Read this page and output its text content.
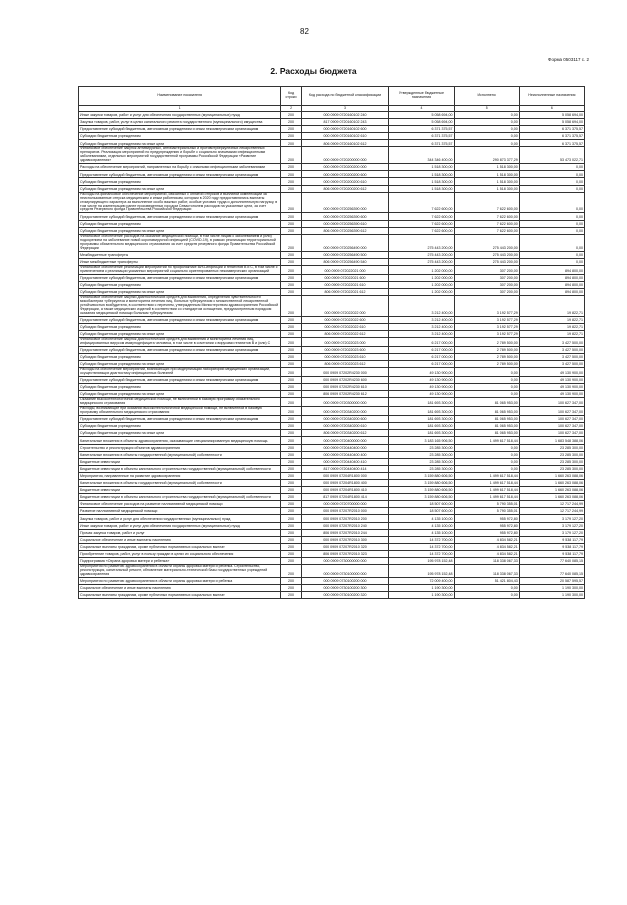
82
Форма 0503117 с. 2
2. Расходы бюджета
Наименование показателя	Код строки	Код расхода по бюджетной классификации	Утвержденные бюджетные назначения	Исполнено	Неисполненные назначения
1	2	3	4	5	6
Иные закупки товаров, работ и услуг для обеспечения государственных (муниципальных) нужд	200	000 0909 0720160102 240	5 058 694,00	0,00	5 058 694,00
Закупка товаров, работ, услуг в целях капитального ремонта государственного (муниципального) имущества	200	817 0909 0720160102 243	5 058 694,00	0,00	5 058 694,00
Предоставление субсидий бюджетным, автономным учреждениям и иным некоммерческим организациям	200	000 0909 0720160102 600	6 371 375,57	0,00	6 371 375,57
Субсидии бюджетным учреждениям	200	000 0909 0720160102 610	6 371 375,57	0,00	6 371 375,57
Субсидии бюджетным учреждениям на иные цели	200	806 0909 0720160102 612	6 371 375,57	0,00	6 371 375,57
Финансовое обеспечение закупок антивирусных, антибактериальных и противотуберкулезных лекарственных препаратов. Реализация мероприятий по предупреждению и борьбе с социально значимыми инфекционными заболеваниями, отдельных мероприятий государственной программы Российской Федерации «Развитие здравоохранения»	200	000 0909 0720200000 000	344 346 400,00	290 873 377,29	53 473 022,71
Расходы на обеспечение мероприятий, направленных на борьбу с опасными инфекционными заболеваниями	200	000 0909 0720200200 000	1 518 300,00	1 518 300,00	0,00
Предоставление субсидий бюджетным, автономным учреждениям и иным некоммерческим организациям	200	000 0909 0720200200 600	1 518 300,00	1 518 300,00	0,00
Субсидии бюджетным учреждениям	200	000 0909 0720200200 610	1 518 300,00	1 518 300,00	0,00
Субсидии бюджетным учреждениям на иные цели	200	806 0909 0720200200 612	1 518 300,00	1 518 300,00	0,00
Расходы на финансовое обеспечение мероприятий, связанных с оплатой отпусков и выплатой компенсации за неиспользованные отпуска медицинским и иным работникам, которым в 2020 году предоставлялись выплаты стимулирующего характера за выполнение особо важных работ, особые условия труда и дополнительную нагрузку, в том числе на компенсацию ранее произведенных городом Севастополем расходов на указанные цели, за счет средств Резервного фонда Правительства Российской Федерации	200	000 0909 0720256390 000	7 622 600,00	7 622 600,00	0,00
Предоставление субсидий бюджетным, автономным учреждениям и иным некоммерческим организациям	200	000 0909 0720256390 600	7 622 600,00	7 622 600,00	0,00
Субсидии бюджетным учреждениям	200	000 0909 0720256390 610	7 622 600,00	7 622 600,00	0,00
Субсидии бюджетным учреждениям на иные цели	200	806 0909 0720256390 612	7 622 600,00	7 622 600,00	0,00
Финансовое обеспечение расходов на оказание медицинской помощи, в том числе лицам с заболеванием и (или) подозрением на заболевание новой коронавирусной инфекцией (COVID-19), в рамках реализации территориальной программы обязательного медицинского страхования за счет средств резервного фонда Правительства Российской Федерации	200	000 0909 0720256490 000	275 443 200,00	275 443 200,00	0,00
Межбюджетные трансферты	200	000 0909 0720256490 500	275 443 200,00	275 443 200,00	0,00
Иные межбюджетные трансферты	200	806 0909 0720256490 540	275 443 200,00	275 443 200,00	0,00
Финансовое обеспечение реализации мероприятий по профилактике ВИЧ-инфекции и гепатитов В и С, в том числе с привлечением к реализации указанных мероприятий социально ориентированных некоммерческих организаций	200	000 0909 072022021 000	1 202 000,00	307 200,00	894 800,00
Предоставление субсидий бюджетным, автономным учреждениям и иным некоммерческим организациям	200	000 0909 072022021 600	1 202 000,00	307 200,00	894 800,00
Субсидии бюджетным учреждениям	200	000 0909 072022021 610	1 202 000,00	307 200,00	894 800,00
Субсидии бюджетным учреждениям на иные цели	200	806 0909 072022021 612	1 202 000,00	307 200,00	894 800,00
Финансовое обеспечение закупки диагностических средств для выявления, определения чувствительности микобактерии туберкулеза и мониторинга лечения лиц, больных туберкулезом с множественной лекарственной устойчивостью возбудителя, в соответствии с перечнем, утвержденным Министерством здравоохранения Российской Федерации, а также медицинских изделий в соответствии со стандартом оснащения, предусмотренным порядком оказания медицинской помощи больным туберкулезом	200	000 0909 072022022 000	3 212 400,00	3 192 577,29	19 822,71
Предоставление субсидий бюджетным, автономным учреждениям и иным некоммерческим организациям	200	000 0909 072022022 600	3 212 400,00	3 192 577,29	19 822,71
Субсидии бюджетным учреждениям	200	000 0909 072022022 610	3 212 400,00	3 192 577,29	19 822,71
Субсидии бюджетным учреждениям на иные цели	200	806 0909 072022022 612	3 212 400,00	3 192 577,29	19 822,71
Финансовое обеспечение закупок диагностических средств для выявления и мониторинга лечения лиц, инфицированных вирусом иммунодефицита человека, в том числе в сочетании с вирусами гепатитов В и (или) С	200	000 0909 072022023 000	6 217 000,00	2 789 500,00	3 427 500,00
Предоставление субсидий бюджетным, автономным учреждениям и иным некоммерческим организациям	200	000 0909 072022023 600	6 217 000,00	2 789 500,00	3 427 500,00
Субсидии бюджетным учреждениям	200	000 0909 072022023 610	6 217 000,00	2 789 500,00	3 427 500,00
Субсидии бюджетным учреждениям на иные цели	200	806 0909 072022023 612	6 217 000,00	2 789 500,00	3 427 500,00
Расходы на обеспечение мероприятий, возникающих при модернизации лабораторий медицинских организаций, осуществляющих диагностику инфекционных болезней	200	000 0909 07202R4230 000	49 130 900,00	0,00	49 130 900,00
Предоставление субсидий бюджетным, автономным учреждениям и иным некоммерческим организациям	200	000 0909 07202R4230 600	49 130 900,00	0,00	49 130 900,00
Субсидии бюджетным учреждениям	200	000 0909 07202R4230 610	49 130 900,00	0,00	49 130 900,00
Субсидии бюджетным учреждениям на иные цели	200	806 0909 07202R4230 612	49 130 900,00	0,00	49 130 900,00
Оказание высокотехнологичной медицинской помощи, не включенной в базовую программу обязательного медицинского страхования	200	000 0909 0720300000 000	181 693 300,00	81 065 953,00	100 627 347,00
Расходы, возникающие при оказании высокотехнологичной медицинской помощи, не включенной в базовую программу обязательного медицинского страхования	200	000 0909 0720340200 000	181 693 300,00	81 065 953,00	100 627 347,00
Предоставление субсидий бюджетным, автономным учреждениям и иным некоммерческим организациям	200	000 0909 0720340200 600	181 693 300,00	81 065 953,00	100 627 347,00
Субсидии бюджетным учреждениям	200	000 0909 0720340200 610	181 693 300,00	81 065 953,00	100 627 347,00
Субсидии бюджетным учреждениям на иные цели	200	806 0909 0720340200 612	181 693 300,00	81 065 953,00	100 627 347,00
Капитальные вложения в объекты здравоохранения, оказывающие специализированную медицинскую помощь	200	000 0909 0720400000 000	3 183 165 906,50	1 499 617 518,44	1 683 548 388,06
Строительство и реконструкция объектов здравоохранения	200	000 0909 0720440400 000	23 285 300,00	0,00	23 285 300,00
Капитальные вложения в объекты государственной (муниципальной) собственности	200	000 0909 0720440400 400	23 285 300,00	0,00	23 285 300,00
Бюджетные инвестиции	200	000 0909 0720440400 410	23 285 300,00	0,00	23 285 300,00
Бюджетные инвестиции в объекты капитального строительства государственной (муниципальной) собственности	200	817 0909 0720440400 414	23 285 300,00	0,00	23 285 300,00
Мероприятия, направленные на развитие здравоохранения	200	000 0909 07204R1800 000	3 159 880 606,50	1 499 617 518,44	1 660 263 088,06
Капитальные вложения в объекты государственной (муниципальной) собственности	200	000 0909 07204R1800 400	3 159 880 606,50	1 499 617 518,44	1 660 263 088,06
Бюджетные инвестиции	200	000 0909 07204R1800 410	3 159 880 606,50	1 499 617 518,44	1 660 263 088,06
Бюджетные инвестиции в объекты капитального строительства государственной (муниципальной) собственности	200	817 0909 07204R1800 414	3 159 880 606,50	1 499 617 518,44	1 660 263 088,06
Финансовое обеспечение расходов на развитие паллиативной медицинской помощи	200	000 0909 0720700000 000	18 507 600,00	5 790 355,01	12 717 244,99
Развитие паллиативной медицинской помощи	200	000 0909 07207R2010 000	18 507 600,00	5 790 355,01	12 717 244,99
Закупка товаров, работ и услуг для обеспечения государственных (муниципальных) нужд	200	000 0909 07207R2010 200	4 135 100,00	955 972,80	3 179 127,20
Иные закупки товаров, работ и услуг для обеспечения государственных (муниципальных) нужд	200	000 0909 07207R2010 240	4 135 100,00	955 972,80	3 179 127,20
Прочая закупка товаров, работ и услуг	200	806 0909 07207R2010 244	4 135 100,00	955 972,80	3 179 127,20
Социальное обеспечение и иные выплаты населению	200	000 0909 07207R2010 300	14 372 700,00	4 834 582,21	9 538 117,79
Социальные выплаты гражданам, кроме публичных нормативных социальных выплат	200	000 0909 07207R2010 320	14 372 700,00	4 834 582,21	9 538 117,79
Приобретение товаров, работ, услуг в пользу граждан в целях их социального обеспечения	200	806 0909 07207R2010 323	14 372 700,00	4 834 582,21	9 538 117,79
Подпрограмма «Охрана здоровья матери и ребенка»	200	000 0909 0730000000 000	195 978 152,48	118 338 067,33	77 640 085,15
Мероприятия по развитию здравоохранения в области охраны здоровья матери и ребенка. Строительство, реконструкция, капитальный ремонт, обновление материально-технической базы государственных учреждений здравоохранения	200	000 0909 0730100000 000	195 978 152,48	118 338 067,33	77 640 085,15
Мероприятия по развитию здравоохранения в области охраны здоровья матери и ребенка	200	000 0909 0730100200 000	72 009 400,00	51 421 804,43	20 587 595,57
Социальное обеспечение и иные выплаты населению	200	000 0909 0730100200 300	1 190 300,00	0,00	1 190 300,00
Социальные выплаты гражданам, кроме публичных нормативных социальных выплат	200	000 0909 0730100200 320	1 190 300,00	0,00	1 190 300,00
